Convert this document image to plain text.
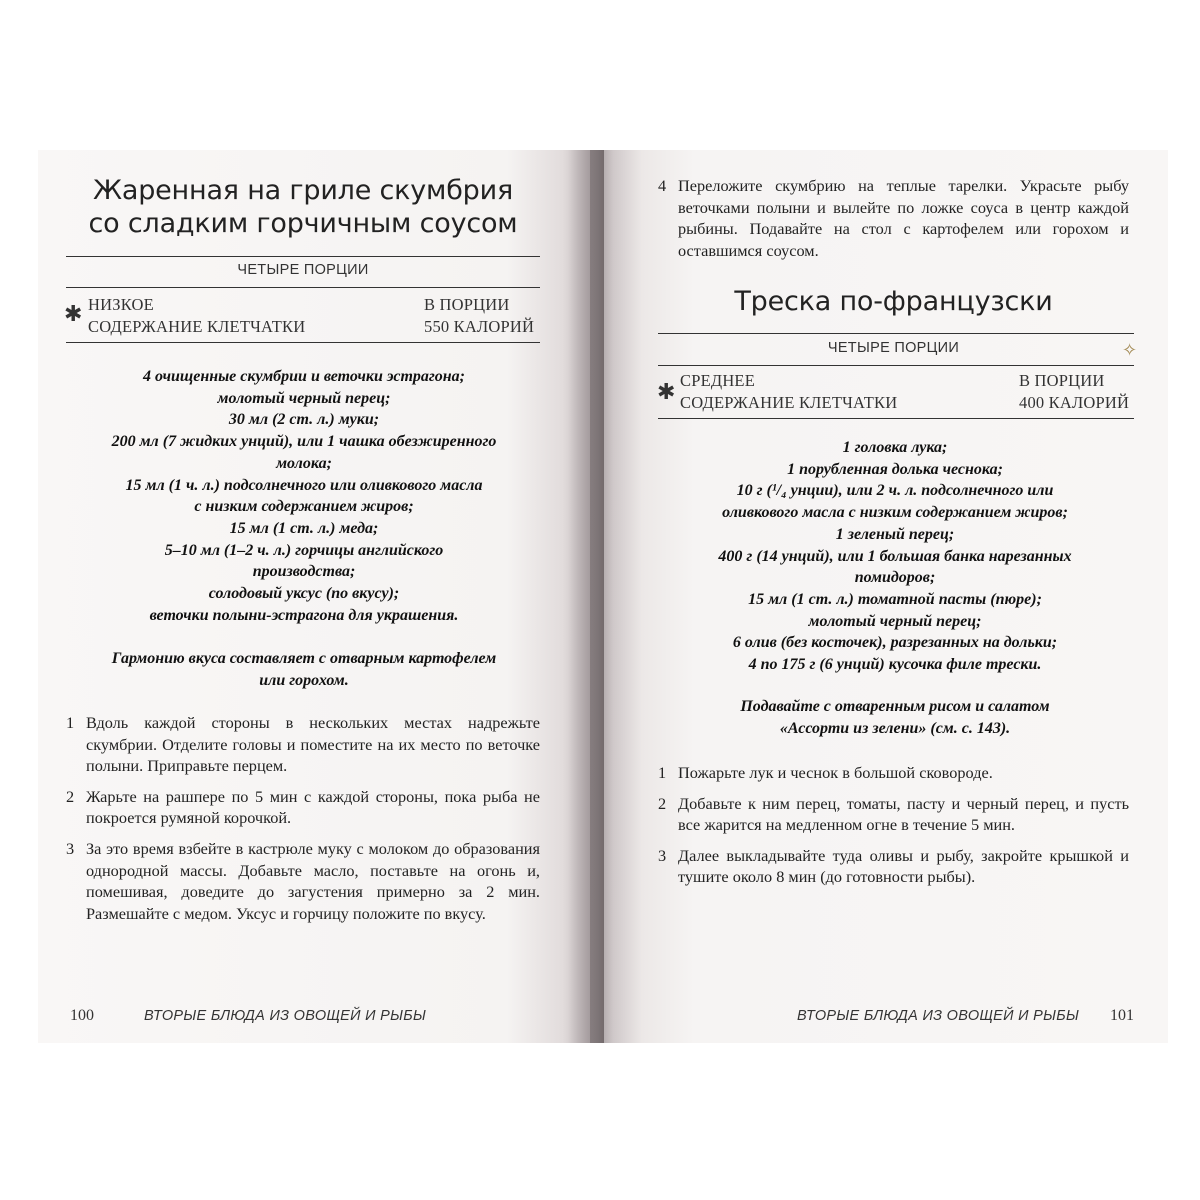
Жаренная на гриле скумбрия
со сладким горчичным соусом
ЧЕТЫРЕ ПОРЦИИ
✱ НИЗКОЕ
СОДЕРЖАНИЕ КЛЕТЧАТКИ
В ПОРЦИИ
550 КАЛОРИЙ
4 очищенные скумбрии и веточки эстрагона;
молотый черный перец;
30 мл (2 ст. л.) муки;
200 мл (7 жидких унций), или 1 чашка обезжиренного
молока;
15 мл (1 ч. л.) подсолнечного или оливкового масла
с низким содержанием жиров;
15 мл (1 ст. л.) меда;
5–10 мл (1–2 ч. л.) горчицы английского
производства;
солодовый уксус (по вкусу);
веточки полыни-эстрагона для украшения.
Гармонию вкуса составляет с отварным картофелем
или горохом.
1 Вдоль каждой стороны в нескольких местах надрежьте скумбрии. Отделите головы и поместите на их место по веточке полыни. Приправьте перцем.
2 Жарьте на рашпере по 5 мин с каждой стороны, пока рыба не покроется румяной корочкой.
3 За это время взбейте в кастрюле муку с молоком до образования однородной массы. Добавьте масло, поставьте на огонь и, помешивая, доведите до загустения примерно за 2 мин. Размешайте с медом. Уксус и горчицу положите по вкусу.
100	ВТОРЫЕ БЛЮДА ИЗ ОВОЩЕЙ И РЫБЫ
4 Переложите скумбрию на теплые тарелки. Украсьте рыбу веточками полыни и вылейте по ложке соуса в центр каждой рыбины. Подавайте на стол с картофелем или горохом и оставшимся соусом.
Треска по-французски
✧
ЧЕТЫРЕ ПОРЦИИ
✱ СРЕДНЕЕ
СОДЕРЖАНИЕ КЛЕТЧАТКИ
В ПОРЦИИ
400 КАЛОРИЙ
1 головка лука;
1 порубленная долька чеснока;
10 г (¹/₄ унции), или 2 ч. л. подсолнечного или
оливкового масла с низким содержанием жиров;
1 зеленый перец;
400 г (14 унций), или 1 большая банка нарезанных
помидоров;
15 мл (1 ст. л.) томатной пасты (пюре);
молотый черный перец;
6 олив (без косточек), разрезанных на дольки;
4 по 175 г (6 унций) кусочка филе трески.
Подавайте с отваренным рисом и салатом
«Ассорти из зелени» (см. с. 143).
1 Пожарьте лук и чеснок в большой сковороде.
2 Добавьте к ним перец, томаты, пасту и черный перец, и пусть все жарится на медленном огне в течение 5 мин.
3 Далее выкладывайте туда оливы и рыбу, закройте крышкой и тушите около 8 мин (до готовности рыбы).
ВТОРЫЕ БЛЮДА ИЗ ОВОЩЕЙ И РЫБЫ 101
